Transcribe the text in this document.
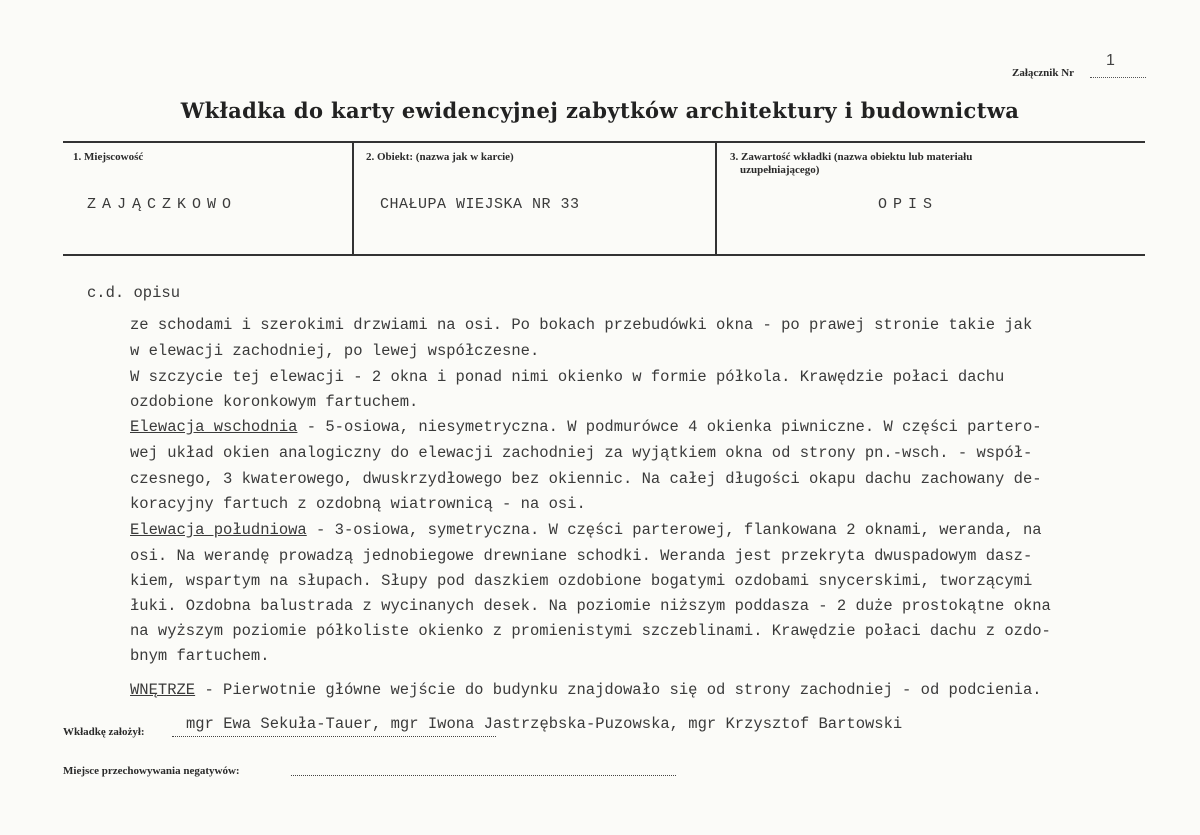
1
Załącznik Nr
Wkładka do karty ewidencyjnej zabytków architektury i budownictwa
1. Miejscowość
ZAJĄCZKOWO
2. Obiekt: (nazwa jak w karcie)
CHAŁUPA WIEJSKA NR 33
3. Zawartość wkładki (nazwa obiektu lub materiału
uzupełniającego)
OPIS
c.d. opisu
ze schodami i szerokimi drzwiami na osi. Po bokach przebudówki okna - po prawej stronie takie jak
w elewacji zachodniej, po lewej współczesne.
W szczycie tej elewacji - 2 okna i ponad nimi okienko w formie półkola. Krawędzie połaci dachu
ozdobione koronkowym fartuchem.
Elewacja wschodnia - 5-osiowa, niesymetryczna. W podmurówce 4 okienka piwniczne. W części partero-
wej układ okien analogiczny do elewacji zachodniej za wyjątkiem okna od strony pn.-wsch. - współ-
czesnego, 3 kwaterowego, dwuskrzydłowego bez okiennic. Na całej długości okapu dachu zachowany de-
koracyjny fartuch z ozdobną wiatrownicą - na osi.
Elewacja południowa - 3-osiowa, symetryczna. W części parterowej, flankowana 2 oknami, weranda, na
osi. Na werandę prowadzą jednobiegowe drewniane schodki. Weranda jest przekryta dwuspadowym dasz-
kiem, wspartym na słupach. Słupy pod daszkiem ozdobione bogatymi ozdobami snycerskimi, tworzącymi
łuki. Ozdobna balustrada z wycinanych desek. Na poziomie niższym poddasza - 2 duże prostokątne okna
na wyższym poziomie półkoliste okienko z promienistymi szczeblinami. Krawędzie połaci dachu z ozdo-
bnym fartuchem.
WNĘTRZE - Pierwotnie główne wejście do budynku znajdowało się od strony zachodniej - od podcienia.
Wkładkę założył:	mgr Ewa Sekuła-Tauer, mgr Iwona Jastrzębska-Puzowska, mgr Krzysztof Bartowski
Miejsce przechowywania negatywów:
